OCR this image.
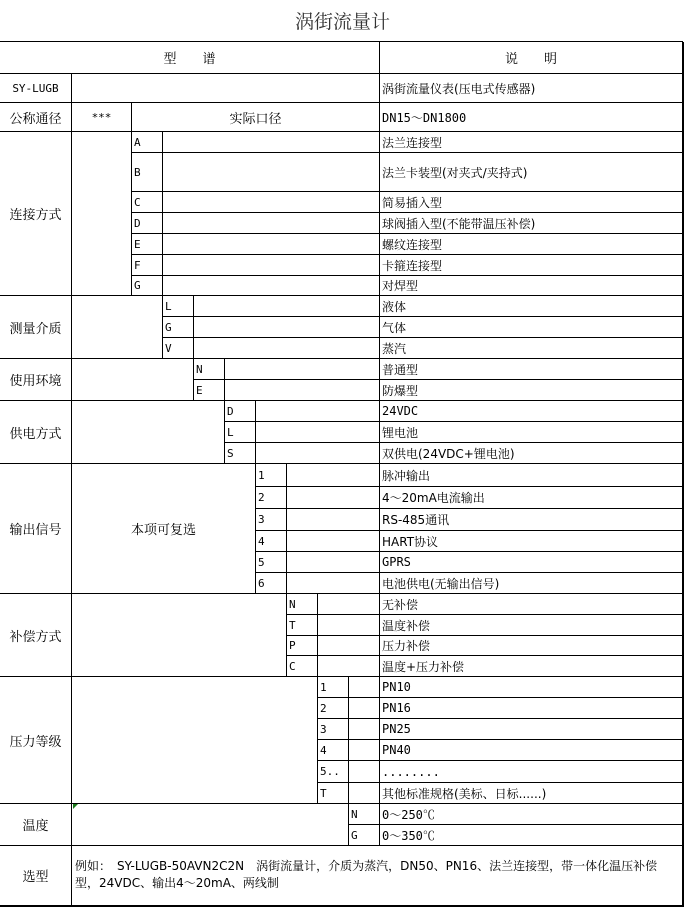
涡街流量计
型　　谱	说　　明
SY-LUGB	涡街流量仪表(压电式传感器)
公称通径	***	实际口径	DN15～DN1800
连接方式
A	法兰连接型
B	法兰卡装型(对夹式/夹持式)
C	简易插入型
D	球阀插入型(不能带温压补偿)
E	螺纹连接型
F	卡箍连接型
G	对焊型
测量介质
L	液体
G	气体
V	蒸汽
使用环境
N	普通型
E	防爆型
供电方式
D	24VDC
L	锂电池
S	双供电(24VDC+锂电池)
输出信号	本项可复选
1	脉冲输出
2	4～20mA电流输出
3	RS-485通讯
4	HART协议
5	GPRS
6	电池供电(无输出信号)
补偿方式
N	无补偿
T	温度补偿
P	压力补偿
C	温度+压力补偿
压力等级
1	PN10
2	PN16
3	PN25
4	PN40
5..	........
T	其他标准规格(美标、日标......)
温度
N	0～250℃
G	0～350℃
选型
例如：　SY-LUGB-50AVN2C2N　涡街流量计，介质为蒸汽，DN50、PN16、法兰连接型，带一体化温压补偿型，24VDC、输出4～20mA、两线制
